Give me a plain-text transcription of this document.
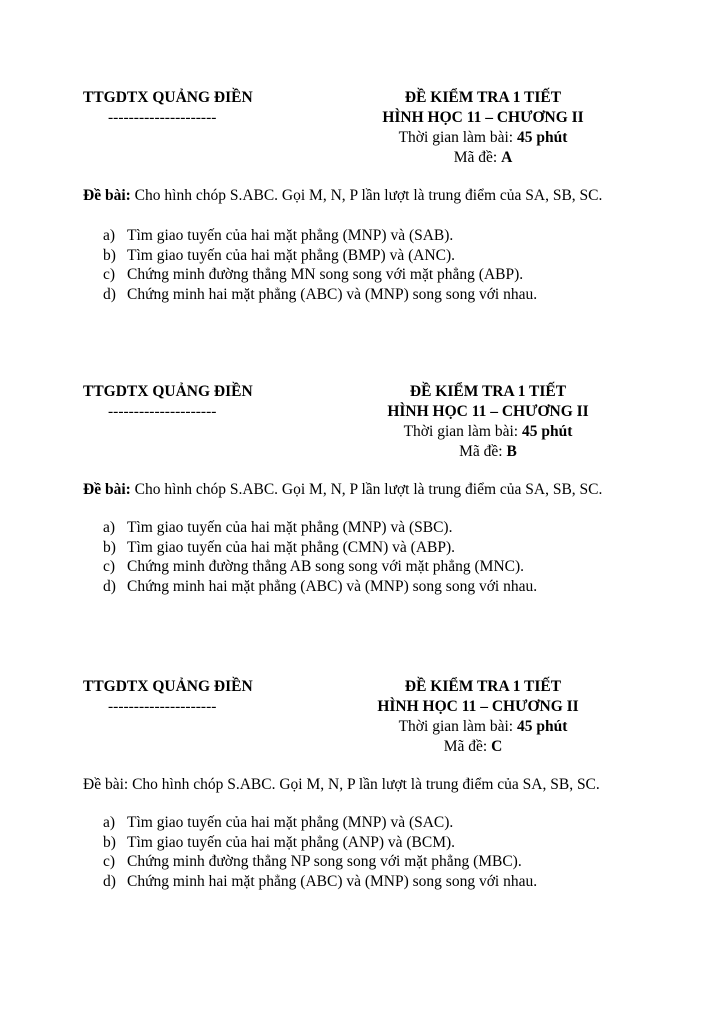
TTGDTX QUẢNG ĐIỀN
---------------------
ĐỀ KIỂM TRA 1 TIẾT
HÌNH HỌC 11 – CHƯƠNG II
Thời gian làm bài: 45 phút
Mã đề: A
Đề bài: Cho hình chóp S.ABC. Gọi M, N, P lần lượt là trung điểm của SA, SB, SC.
a) Tìm giao tuyến của hai mặt phẳng (MNP) và (SAB).
b) Tìm giao tuyến của hai mặt phẳng (BMP) và (ANC).
c) Chứng minh đường thẳng MN song song với mặt phẳng (ABP).
d) Chứng minh hai mặt phẳng (ABC) và (MNP) song song với nhau.
TTGDTX QUẢNG ĐIỀN
---------------------
ĐỀ KIỂM TRA 1 TIẾT
HÌNH HỌC 11 – CHƯƠNG II
Thời gian làm bài: 45 phút
Mã đề: B
Đề bài: Cho hình chóp S.ABC. Gọi M, N, P lần lượt là trung điểm của SA, SB, SC.
a) Tìm giao tuyến của hai mặt phẳng (MNP) và (SBC).
b) Tìm giao tuyến của hai mặt phẳng (CMN) và (ABP).
c) Chứng minh đường thẳng AB song song với mặt phẳng (MNC).
d) Chứng minh hai mặt phẳng (ABC) và (MNP) song song với nhau.
TTGDTX QUẢNG ĐIỀN
---------------------
ĐỀ KIỂM TRA 1 TIẾT
HÌNH HỌC 11 – CHƯƠNG II
Thời gian làm bài: 45 phút
Mã đề: C
Đề bài: Cho hình chóp S.ABC. Gọi M, N, P lần lượt là trung điểm của SA, SB, SC.
a) Tìm giao tuyến của hai mặt phẳng (MNP) và (SAC).
b) Tìm giao tuyến của hai mặt phẳng (ANP) và (BCM).
c) Chứng minh đường thẳng NP song song với mặt phẳng (MBC).
d) Chứng minh hai mặt phẳng (ABC) và (MNP) song song với nhau.
